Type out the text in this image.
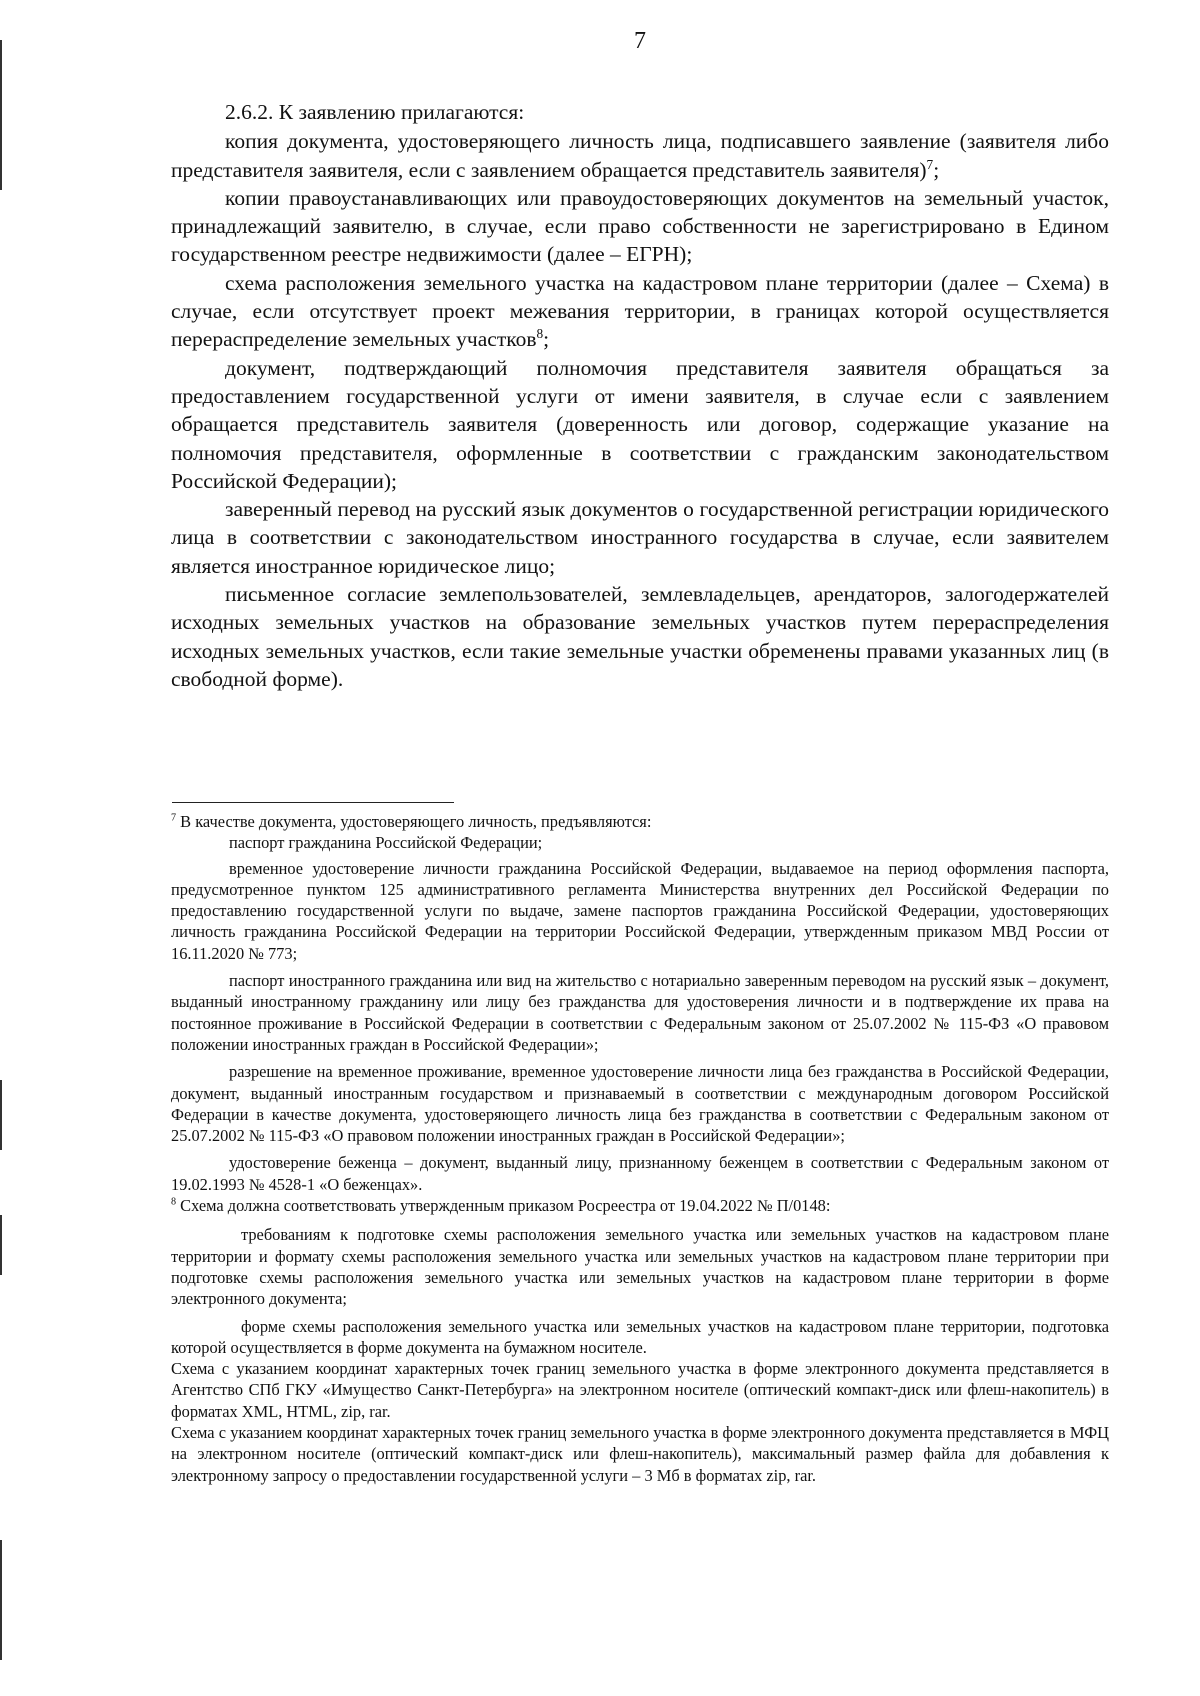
7

2.6.2. К заявлению прилагаются:

копия документа, удостоверяющего личность лица, подписавшего заявление (заявителя либо представителя заявителя, если с заявлением обращается представитель заявителя)$^7$;

копии правоустанавливающих или правоудостоверяющих документов на земельный участок, принадлежащий заявителю, в случае, если право собственности не зарегистрировано в Едином государственном реестре недвижимости (далее – ЕГРН);

схема расположения земельного участка на кадастровом плане территории (далее – Схема) в случае, если отсутствует проект межевания территории, в границах которой осуществляется перераспределение земельных участков$^8$;

документ, подтверждающий полномочия представителя заявителя обращаться за предоставлением государственной услуги от имени заявителя, в случае если с заявлением обращается представитель заявителя (доверенность или договор, содержащие указание на полномочия представителя, оформленные в соответствии с гражданским законодательством Российской Федерации);

заверенный перевод на русский язык документов о государственной регистрации юридического лица в соответствии с законодательством иностранного государства в случае, если заявителем является иностранное юридическое лицо;

письменное согласие землепользователей, землевладельцев, арендаторов, залогодержателей исходных земельных участков на образование земельных участков путем перераспределения исходных земельных участков, если такие земельные участки обременены правами указанных лиц (в свободной форме).

$^7$ В качестве документа, удостоверяющего личность, предъявляются:

паспорт гражданина Российской Федерации;

временное удостоверение личности гражданина Российской Федерации, выдаваемое на период оформления паспорта, предусмотренное пунктом 125 административного регламента Министерства внутренних дел Российской Федерации по предоставлению государственной услуги по выдаче, замене паспортов гражданина Российской Федерации, удостоверяющих личность гражданина Российской Федерации на территории Российской Федерации, утвержденным приказом МВД России от 16.11.2020 № 773;

паспорт иностранного гражданина или вид на жительство с нотариально заверенным переводом на русский язык – документ, выданный иностранному гражданину или лицу без гражданства для удостоверения личности и в подтверждение их права на постоянное проживание в Российской Федерации в соответствии с Федеральным законом от 25.07.2002 № 115-ФЗ «О правовом положении иностранных граждан в Российской Федерации»;

разрешение на временное проживание, временное удостоверение личности лица без гражданства в Российской Федерации, документ, выданный иностранным государством и признаваемый в соответствии с международным договором Российской Федерации в качестве документа, удостоверяющего личность лица без гражданства в соответствии с Федеральным законом от 25.07.2002 № 115-ФЗ «О правовом положении иностранных граждан в Российской Федерации»;

удостоверение беженца – документ, выданный лицу, признанному беженцем в соответствии с Федеральным законом от 19.02.1993 № 4528-1 «О беженцах».

$^8$ Схема должна соответствовать утвержденным приказом Росреестра от 19.04.2022 № П/0148:

требованиям к подготовке схемы расположения земельного участка или земельных участков на кадастровом плане территории и формату схемы расположения земельного участка или земельных участков на кадастровом плане территории при подготовке схемы расположения земельного участка или земельных участков на кадастровом плане территории в форме электронного документа;

форме схемы расположения земельного участка или земельных участков на кадастровом плане территории, подготовка которой осуществляется в форме документа на бумажном носителе.

Схема с указанием координат характерных точек границ земельного участка в форме электронного документа представляется в Агентство СПб ГКУ «Имущество Санкт-Петербурга» на электронном носителе (оптический компакт-диск или флеш-накопитель) в форматах XML, HTML, zip, rar.

Схема с указанием координат характерных точек границ земельного участка в форме электронного документа представляется в МФЦ на электронном носителе (оптический компакт-диск или флеш-накопитель), максимальный размер файла для добавления к электронному запросу о предоставлении государственной услуги – 3 Мб в форматах zip, rar.
